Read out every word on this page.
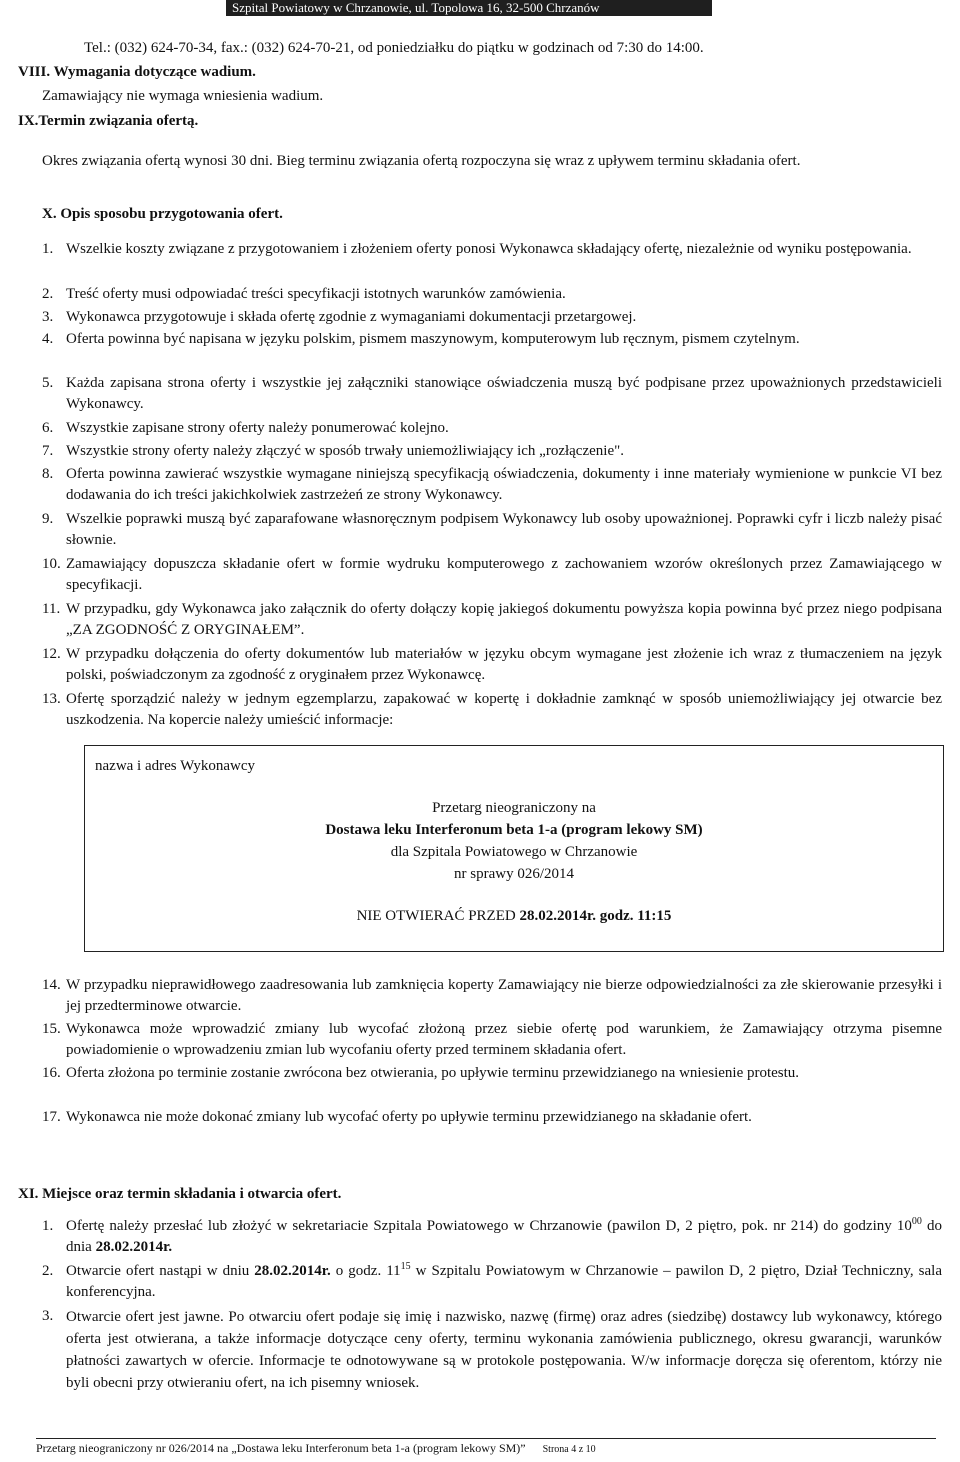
Szpital Powiatowy w Chrzanowie, ul. Topolowa 16, 32-500 Chrzanów
Tel.: (032) 624-70-34, fax.: (032) 624-70-21, od poniedziałku do piątku w godzinach od 7:30 do 14:00.
VIII. Wymagania dotyczące wadium.
Zamawiający nie wymaga wniesienia wadium.
IX.Termin związania ofertą.
Okres związania ofertą wynosi 30 dni. Bieg terminu związania ofertą rozpoczyna się wraz z upływem terminu składania ofert.
X. Opis sposobu przygotowania ofert.
1. Wszelkie koszty związane z przygotowaniem i złożeniem oferty ponosi Wykonawca składający ofertę, niezależnie od wyniku postępowania.
2. Treść oferty musi odpowiadać treści specyfikacji istotnych warunków zamówienia.
3. Wykonawca przygotowuje i składa ofertę zgodnie z wymaganiami dokumentacji przetargowej.
4. Oferta powinna być napisana w języku polskim, pismem maszynowym, komputerowym lub ręcznym, pismem czytelnym.
5. Każda zapisana strona oferty i wszystkie jej załączniki stanowiące oświadczenia muszą być podpisane przez upoważnionych przedstawicieli Wykonawcy.
6. Wszystkie zapisane strony oferty należy ponumerować kolejno.
7. Wszystkie strony oferty należy złączyć w sposób trwały uniemożliwiający ich „rozłączenie".
8. Oferta powinna zawierać wszystkie wymagane niniejszą specyfikacją oświadczenia, dokumenty i inne materiały wymienione w punkcie VI bez dodawania do ich treści jakichkolwiek zastrzeżeń ze strony Wykonawcy.
9. Wszelkie poprawki muszą być zaparafowane własnoręcznym podpisem Wykonawcy lub osoby upoważnionej. Poprawki cyfr i liczb należy pisać słownie.
10. Zamawiający dopuszcza składanie ofert w formie wydruku komputerowego z zachowaniem wzorów określonych przez Zamawiającego w specyfikacji.
11. W przypadku, gdy Wykonawca jako załącznik do oferty dołączy kopię jakiegoś dokumentu powyższa kopia powinna być przez niego podpisana „ZA ZGODNOŚĆ Z ORYGINAŁEM”.
12. W przypadku dołączenia do oferty dokumentów lub materiałów w języku obcym wymagane jest złożenie ich wraz z tłumaczeniem na język polski, poświadczonym za zgodność z oryginałem przez Wykonawcę.
13. Ofertę sporządzić należy w jednym egzemplarzu, zapakować w kopertę i dokładnie zamknąć w sposób uniemożliwiający jej otwarcie bez uszkodzenia. Na kopercie należy umieścić informacje:
nazwa i adres Wykonawcy
Przetarg nieograniczony na
Dostawa leku Interferonum beta 1-a (program lekowy SM)
dla Szpitala Powiatowego w Chrzanowie
nr sprawy 026/2014
NIE OTWIERAĆ PRZED 28.02.2014r. godz. 11:15
14. W przypadku nieprawidłowego zaadresowania lub zamknięcia koperty Zamawiający nie bierze odpowiedzialności za złe skierowanie przesyłki i jej przedterminowe otwarcie.
15. Wykonawca może wprowadzić zmiany lub wycofać złożoną przez siebie ofertę pod warunkiem, że Zamawiający otrzyma pisemne powiadomienie o wprowadzeniu zmian lub wycofaniu oferty przed terminem składania ofert.
16. Oferta złożona po terminie zostanie zwrócona bez otwierania, po upływie terminu przewidzianego na wniesienie protestu.
17. Wykonawca nie może dokonać zmiany lub wycofać oferty po upływie terminu przewidzianego na składanie ofert.
XI. Miejsce oraz termin składania i otwarcia ofert.
1. Ofertę należy przesłać lub złożyć w sekretariacie Szpitala Powiatowego w Chrzanowie (pawilon D, 2 piętro, pok. nr 214) do godziny $10^{00}$ do dnia 28.02.2014r.
2. Otwarcie ofert nastąpi w dniu 28.02.2014r. o godz. $11^{15}$ w Szpitalu Powiatowym w Chrzanowie – pawilon D, 2 piętro, Dział Techniczny, sala konferencyjna.
3. Otwarcie ofert jest jawne. Po otwarciu ofert podaje się imię i nazwisko, nazwę (firmę) oraz adres (siedzibę) dostawcy lub wykonawcy, którego oferta jest otwierana, a także informacje dotyczące ceny oferty, terminu wykonania zamówienia publicznego, okresu gwarancji, warunków płatności zawartych w ofercie. Informacje te odnotowywane są w protokole postępowania. W/w informacje doręcza się oferentom, którzy nie byli obecni przy otwieraniu ofert, na ich pisemny wniosek.
Przetarg nieograniczony nr 026/2014 na „Dostawa leku Interferonum beta 1-a (program lekowy SM)” Strona 4 z 10
